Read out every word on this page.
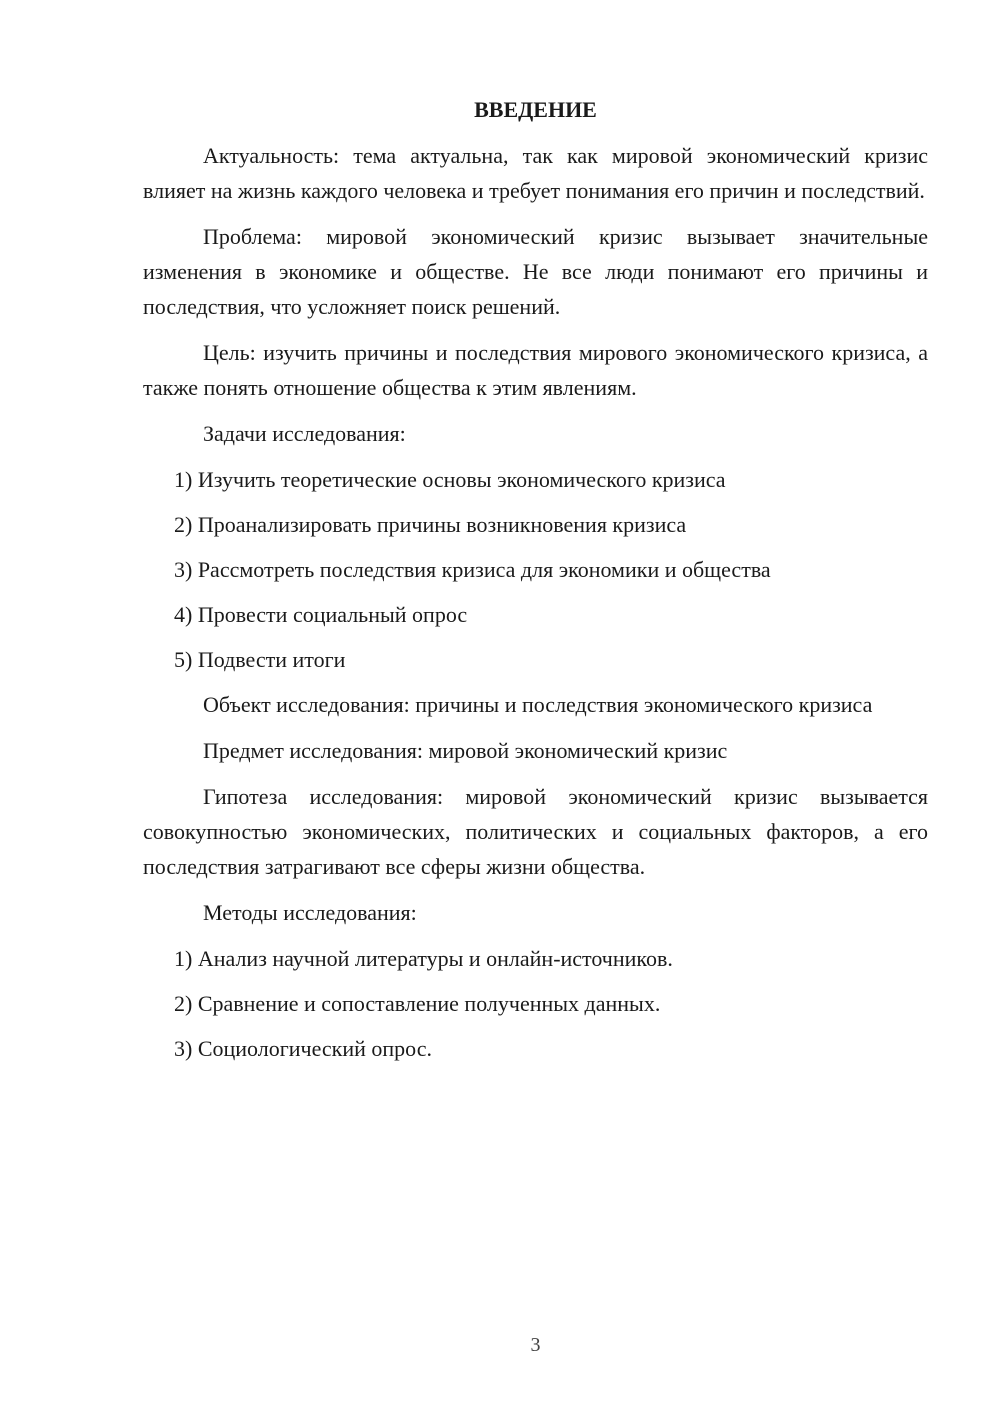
ВВЕДЕНИЕ

Актуальность: тема актуальна, так как мировой экономический кризис влияет на жизнь каждого человека и требует понимания его причин и последствий.

Проблема: мировой экономический кризис вызывает значительные изменения в экономике и обществе. Не все люди понимают его причины и последствия, что усложняет поиск решений.

Цель: изучить причины и последствия мирового экономического кризиса, а также понять отношение общества к этим явлениям.

Задачи исследования:

1) Изучить теоретические основы экономического кризиса
2) Проанализировать причины возникновения кризиса
3) Рассмотреть последствия кризиса для экономики и общества
4) Провести социальный опрос
5) Подвести итоги

Объект исследования: причины и последствия экономического кризиса

Предмет исследования: мировой экономический кризис

Гипотеза исследования: мировой экономический кризис вызывается совокупностью экономических, политических и социальных факторов, а его последствия затрагивают все сферы жизни общества.

Методы исследования:

1) Анализ научной литературы и онлайн-источников.
2) Сравнение и сопоставление полученных данных.
3) Социологический опрос.
3
